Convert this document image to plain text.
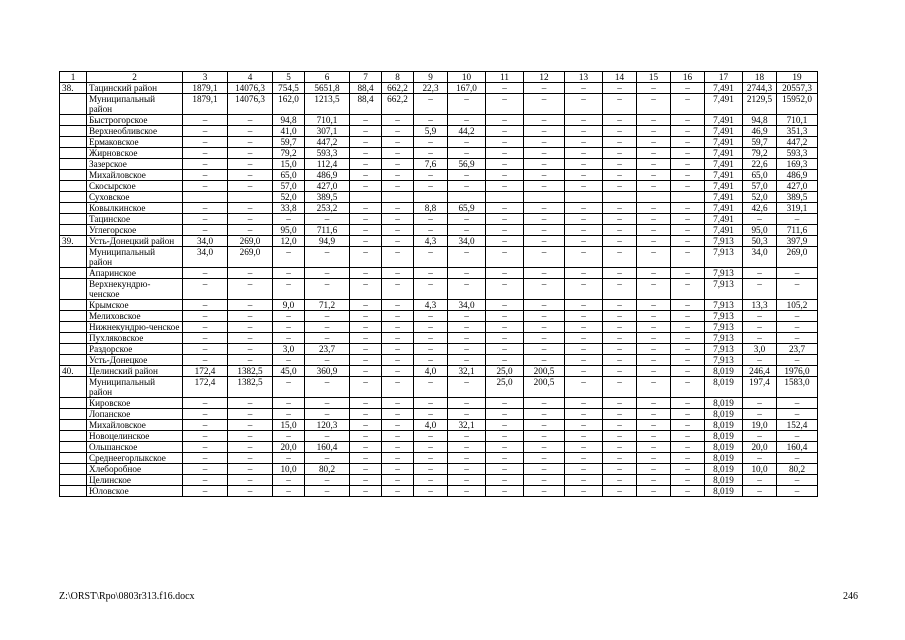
1	2	3	4	5	6	7	8	9	10	11	12	13	14	15	16	17	18	19
38.	Тацинский район	1879,1	14076,3	754,5	5651,8	88,4	662,2	22,3	167,0	–	–	–	–	–	–	7,491	2744,3	20557,3
	Муниципальный район	1879,1	14076,3	162,0	1213,5	88,4	662,2	–	–	–	–	–	–	–	–	7,491	2129,5	15952,0
	Быстрогорское	–	–	94,8	710,1	–	–	–	–	–	–	–	–	–	–	7,491	94,8	710,1
	Верхнеобливское	–	–	41,0	307,1	–	–	5,9	44,2	–	–	–	–	–	–	7,491	46,9	351,3
	Ермаковское	–	–	59,7	447,2	–	–	–	–	–	–	–	–	–	–	7,491	59,7	447,2
	Жирновское	–	–	79,2	593,3	–	–	–	–	–	–	–	–	–	–	7,491	79,2	593,3
	Зазерское	–	–	15,0	112,4	–	–	7,6	56,9	–	–	–	–	–	–	7,491	22,6	169,3
	Михайловское	–	–	65,0	486,9	–	–	–	–	–	–	–	–	–	–	7,491	65,0	486,9
	Скосырское	–	–	57,0	427,0	–	–	–	–	–	–	–	–	–	–	7,491	57,0	427,0
	Суховское			52,0	389,5											7,491	52,0	389,5
	Ковылкинское	–	–	33,8	253,2	–	–	8,8	65,9	–	–	–	–	–	–	7,491	42,6	319,1
	Тацинское	–	–	–	–	–	–	–	–	–	–	–	–	–	–	7,491	–	–
	Углегорское	–	–	95,0	711,6	–	–	–	–	–	–	–	–	–	–	7,491	95,0	711,6
39.	Усть-Донецкий район	34,0	269,0	12,0	94,9	–	–	4,3	34,0	–	–	–	–	–	–	7,913	50,3	397,9
	Муниципальный район	34,0	269,0	–	–	–	–	–	–	–	–	–	–	–	–	7,913	34,0	269,0
	Апаринское	–	–	–	–	–	–	–	–	–	–	–	–	–	–	7,913	–	–
	Верхнекундрю-ченское	–	–	–	–	–	–	–	–	–	–	–	–	–	–	7,913	–	–
	Крымское	–	–	9,0	71,2	–	–	4,3	34,0	–	–	–	–	–	–	7,913	13,3	105,2
	Мелиховское	–	–	–	–	–	–	–	–	–	–	–	–	–	–	7,913	–	–
	Нижнекундрю-ченское	–	–	–	–	–	–	–	–	–	–	–	–	–	–	7,913	–	–
	Пухляковское	–	–	–	–	–	–	–	–	–	–	–	–	–	–	7,913	–	–
	Раздорское	–	–	3,0	23,7	–	–	–	–	–	–	–	–	–	–	7,913	3,0	23,7
	Усть-Донецкое	–	–	–	–	–	–	–	–	–	–	–	–	–	–	7,913	–	–
40.	Целинский район	172,4	1382,5	45,0	360,9	–	–	4,0	32,1	25,0	200,5	–	–	–	–	8,019	246,4	1976,0
	Муниципальный район	172,4	1382,5	–	–	–	–	–	–	25,0	200,5	–	–	–	–	8,019	197,4	1583,0
	Кировское	–	–	–	–	–	–	–	–	–	–	–	–	–	–	8,019	–	–
	Лопанское	–	–	–	–	–	–	–	–	–	–	–	–	–	–	8,019	–	–
	Михайловское	–	–	15,0	120,3	–	–	4,0	32,1	–	–	–	–	–	–	8,019	19,0	152,4
	Новоцелинское	–	–	–	–	–	–	–	–	–	–	–	–	–	–	8,019	–	–
	Ольшанское	–	–	20,0	160,4	–	–	–	–	–	–	–	–	–	–	8,019	20,0	160,4
	Среднеегорлыкское	–	–	–	–	–	–	–	–	–	–	–	–	–	–	8,019	–	–
	Хлеборобное	–	–	10,0	80,2	–	–	–	–	–	–	–	–	–	–	8,019	10,0	80,2
	Целинское	–	–	–	–	–	–	–	–	–	–	–	–	–	–	8,019	–	–
	Юловское	–	–	–	–	–	–	–	–	–	–	–	–	–	–	8,019	–	–
Z:\ORST\Rpo\0803r313.f16.docx	246
